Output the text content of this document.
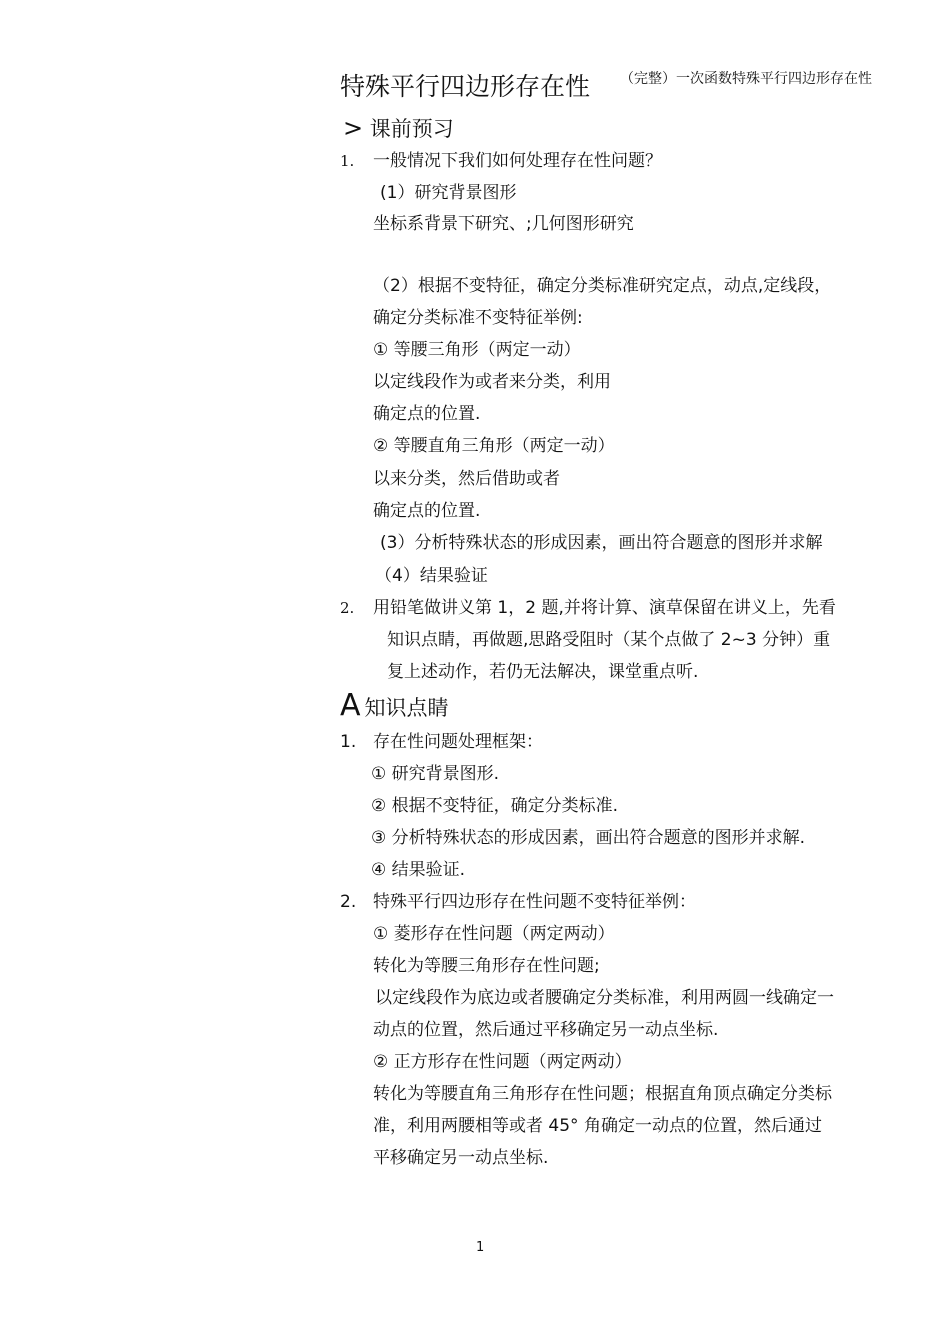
特殊平行四边形存在性 （完整）一次函数特殊平行四边形存在性
> 课前预习
1. 一般情况下我们如何处理存在性问题？
(1）研究背景图形
坐标系背景下研究、;几何图形研究
（2）根据不变特征，确定分类标准研究定点，动点,定线段，
确定分类标准不变特征举例:
① 等腰三角形（两定一动）
以定线段作为或者来分类，利用
确定点的位置.
② 等腰直角三角形（两定一动）
以来分类，然后借助或者
确定点的位置.
(3）分析特殊状态的形成因素，画出符合题意的图形并求解
（4）结果验证
2. 用铅笔做讲义第 1，2 题,并将计算、演草保留在讲义上，先看
知识点睛，再做题,思路受阻时（某个点做了 2~3 分钟）重
复上述动作，若仍无法解决，课堂重点听.
A 知识点睛
1. 存在性问题处理框架：
① 研究背景图形.
② 根据不变特征，确定分类标准.
③ 分析特殊状态的形成因素，画出符合题意的图形并求解.
④ 结果验证.
2. 特殊平行四边形存在性问题不变特征举例：
① 菱形存在性问题（两定两动）
转化为等腰三角形存在性问题;
以定线段作为底边或者腰确定分类标准，利用两圆一线确定一
动点的位置，然后通过平移确定另一动点坐标.
② 正方形存在性问题（两定两动）
转化为等腰直角三角形存在性问题；根据直角顶点确定分类标
准，利用两腰相等或者 45° 角确定一动点的位置，然后通过
平移确定另一动点坐标.
1
